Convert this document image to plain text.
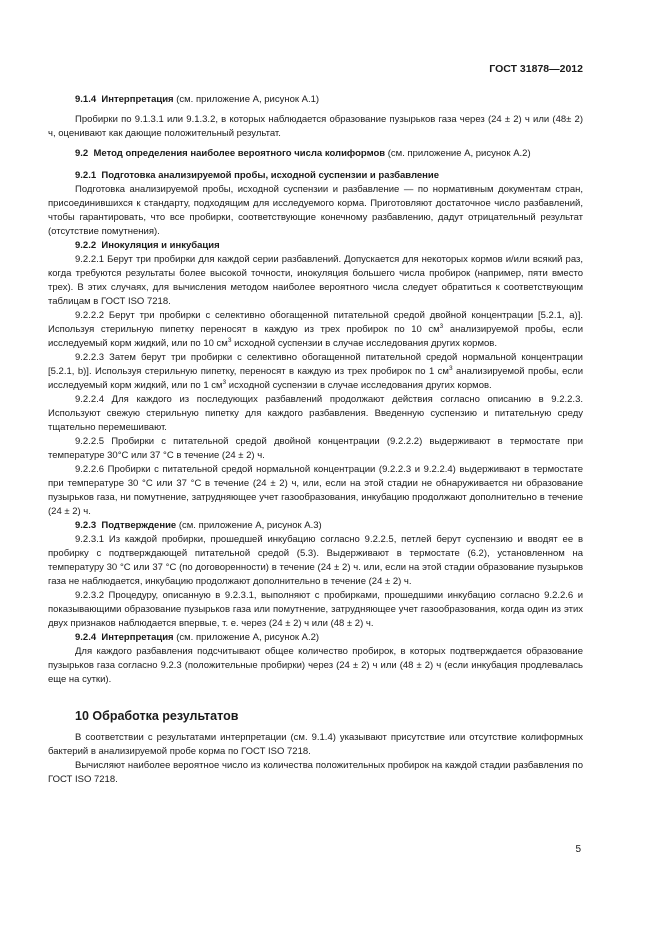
ГОСТ 31878—2012

9.1.4 Интерпретация (см. приложение А, рисунок А.1)

Пробирки по 9.1.3.1 или 9.1.3.2, в которых наблюдается образование пузырьков газа через (24 ± 2) ч или (48± 2) ч, оценивают как дающие положительный результат.

9.2 Метод определения наиболее вероятного числа колиформов (см. приложение А, рисунок А.2)

9.2.1 Подготовка анализируемой пробы, исходной суспензии и разбавление

Подготовка анализируемой пробы, исходной суспензии и разбавление — по нормативным документам стран, присоединившихся к стандарту, подходящим для исследуемого корма. Приготовляют достаточное число разбавлений, чтобы гарантировать, что все пробирки, соответствующие конечному разбавлению, дадут отрицательный результат (отсутствие помутнения).

9.2.2 Инокуляция и инкубация

9.2.2.1 Берут три пробирки для каждой серии разбавлений. Допускается для некоторых кормов и/или всякий раз, когда требуются результаты более высокой точности, инокуляция большего числа пробирок (например, пяти вместо трех). В этих случаях, для вычисления методом наиболее вероятного числа следует обратиться к соответствующим таблицам в ГОСТ ISO 7218.

9.2.2.2 Берут три пробирки с селективно обогащенной питательной средой двойной концентрации [5.2.1, а)]. Используя стерильную пипетку переносят в каждую из трех пробирок по 10 $см^3$ анализируемой пробы, если исследуемый корм жидкий, или по 10 $см^3$ исходной суспензии в случае исследования других кормов.

9.2.2.3 Затем берут три пробирки с селективно обогащенной питательной средой нормальной концентрации [5.2.1, b)]. Используя стерильную пипетку, переносят в каждую из трех пробирок по 1 $см^3$ анализируемой пробы, если исследуемый корм жидкий, или по 1 $см^3$ исходной суспензии в случае исследования других кормов.

9.2.2.4 Для каждого из последующих разбавлений продолжают действия согласно описанию в 9.2.2.3. Используют свежую стерильную пипетку для каждого разбавления. Введенную суспензию и питательную среду тщательно перемешивают.

9.2.2.5 Пробирки с питательной средой двойной концентрации (9.2.2.2) выдерживают в термостате при температуре 30°С или 37 °С в течение (24 ± 2) ч.

9.2.2.6 Пробирки с питательной средой нормальной концентрации (9.2.2.3 и 9.2.2.4) выдерживают в термостате при температуре 30 °С или 37 °С в течение (24 ± 2) ч, или, если на этой стадии не обнаруживается ни образование пузырьков газа, ни помутнение, затрудняющее учет газообразования, инкубацию продолжают дополнительно в течение (24 ± 2) ч.

9.2.3 Подтверждение (см. приложение А, рисунок А.3)

9.2.3.1 Из каждой пробирки, прошедшей инкубацию согласно 9.2.2.5, петлей берут суспензию и вводят ее в пробирку с подтверждающей питательной средой (5.3). Выдерживают в термостате (6.2), установленном на температуру 30 °С или 37 °С (по договоренности) в течение (24 ± 2) ч. или, если на этой стадии образование пузырьков газа не наблюдается, инкубацию продолжают дополнительно в течение (24 ± 2) ч.

9.2.3.2 Процедуру, описанную в 9.2.3.1, выполняют с пробирками, прошедшими инкубацию согласно 9.2.2.6 и показывающими образование пузырьков газа или помутнение, затрудняющее учет газообразования, когда один из этих двух признаков наблюдается впервые, т. е. через (24 ± 2) ч или (48 ± 2) ч.

9.2.4 Интерпретация (см. приложение А, рисунок А.2)

Для каждого разбавления подсчитывают общее количество пробирок, в которых подтверждается образование пузырьков газа согласно 9.2.3 (положительные пробирки) через (24 ± 2) ч или (48 ± 2) ч (если инкубация продлевалась еще на сутки).

10 Обработка результатов

В соответствии с результатами интерпретации (см. 9.1.4) указывают присутствие или отсутствие колиформных бактерий в анализируемой пробе корма по ГОСТ ISO 7218.

Вычисляют наиболее вероятное число из количества положительных пробирок на каждой стадии разбавления по ГОСТ ISO 7218.

5
